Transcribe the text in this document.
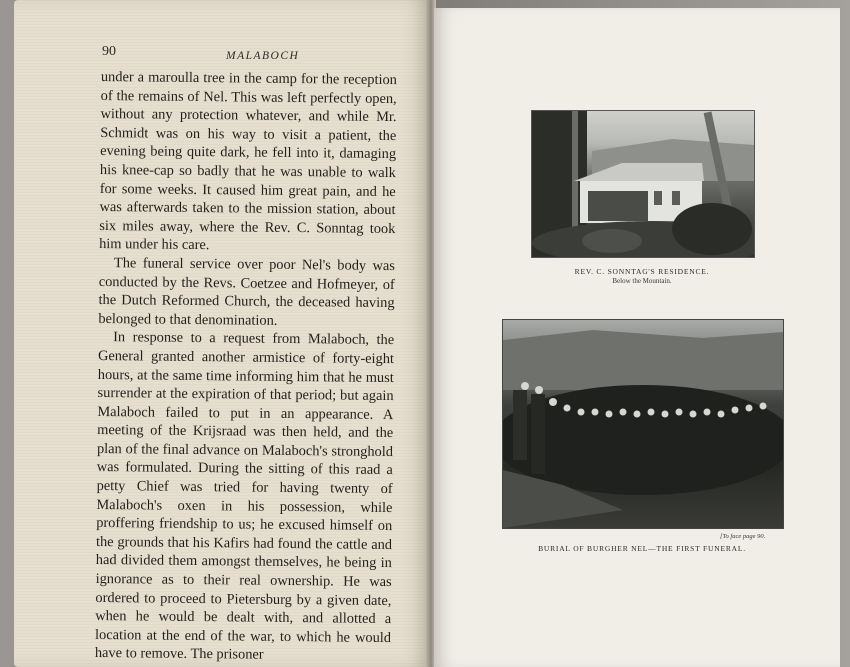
90	MALABOCH

under a maroulla tree in the camp for the reception of the remains of Nel. This was left perfectly open, without any protection whatever, and while Mr. Schmidt was on his way to visit a patient, the evening being quite dark, he fell into it, damaging his knee-cap so badly that he was unable to walk for some weeks. It caused him great pain, and he was afterwards taken to the mission station, about six miles away, where the Rev. C. Sonntag took him under his care.

The funeral service over poor Nel's body was conducted by the Revs. Coetzee and Hofmeyer, of the Dutch Reformed Church, the deceased having belonged to that denomination.

In response to a request from Malaboch, the General granted another armistice of forty-eight hours, at the same time informing him that he must surrender at the expiration of that period; but again Malaboch failed to put in an appearance. A meeting of the Krijsraad was then held, and the plan of the final advance on Malaboch's stronghold was formulated. During the sitting of this raad a petty Chief was tried for having twenty of Malaboch's oxen in his possession, while proffering friendship to us; he excused himself on the grounds that his Kafirs had found the cattle and had divided them amongst themselves, he being in ignorance as to their real ownership. He was ordered to proceed to Pietersburg by a given date, when he would be dealt with, and allotted a location at the end of the war, to which he would have to remove. The prisoner

REV. C. SONNTAG'S RESIDENCE.
Below the Mountain.
[To face page 90.
BURIAL OF BURGHER NEL—THE FIRST FUNERAL.
